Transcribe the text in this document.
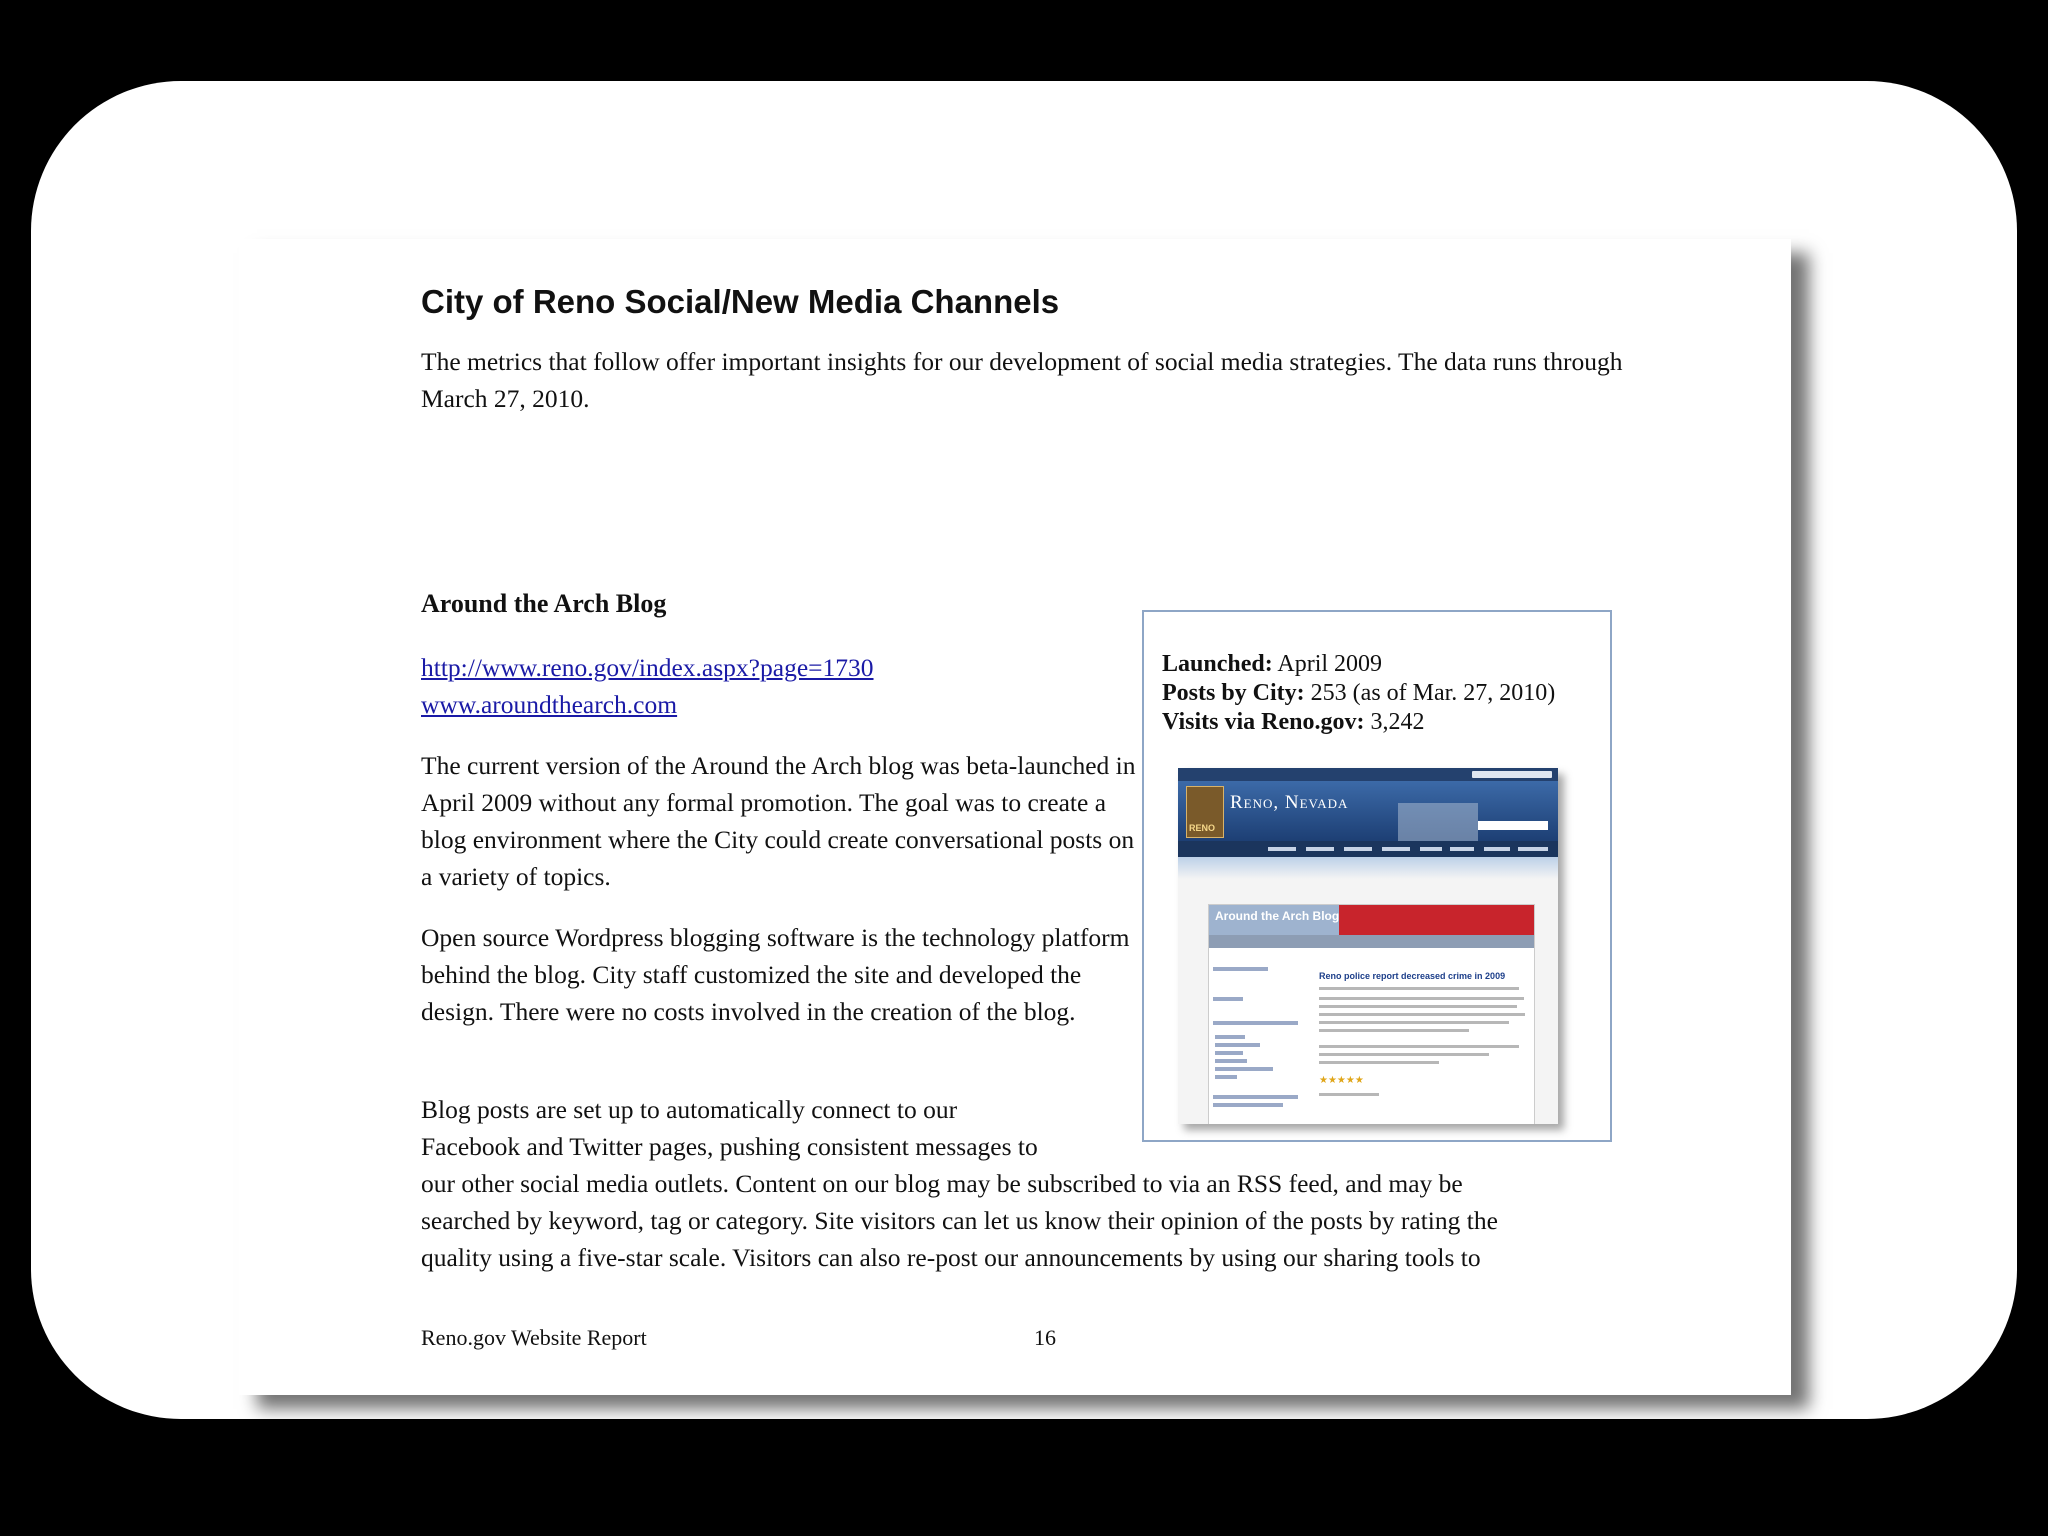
City of Reno Social/New Media Channels

The metrics that follow offer important insights for our development of social media strategies. The data runs through March 27, 2010.

Around the Arch Blog
http://www.reno.gov/index.aspx?page=1730
www.aroundthearch.com

The current version of the Around the Arch blog was beta-launched in April 2009 without any formal promotion. The goal was to create a blog environment where the City could create conversational posts on a variety of topics.

Open source Wordpress blogging software is the technology platform behind the blog. City staff customized the site and developed the design. There were no costs involved in the creation of the blog.

Blog posts are set up to automatically connect to our
Facebook and Twitter pages, pushing consistent messages to
our other social media outlets. Content on our blog may be subscribed to via an RSS feed, and may be
searched by keyword, tag or category. Site visitors can let us know their opinion of the posts by rating the
quality using a five-star scale. Visitors can also re-post our announcements by using our sharing tools to

Reno.gov Website Report	16
Launched: April 2009
Posts by City: 253 (as of Mar. 27, 2010)
Visits via Reno.gov: 3,242
RENO
Reno, Nevada
Around the Arch Blog
Reno police report decreased crime in 2009
★★★★★
